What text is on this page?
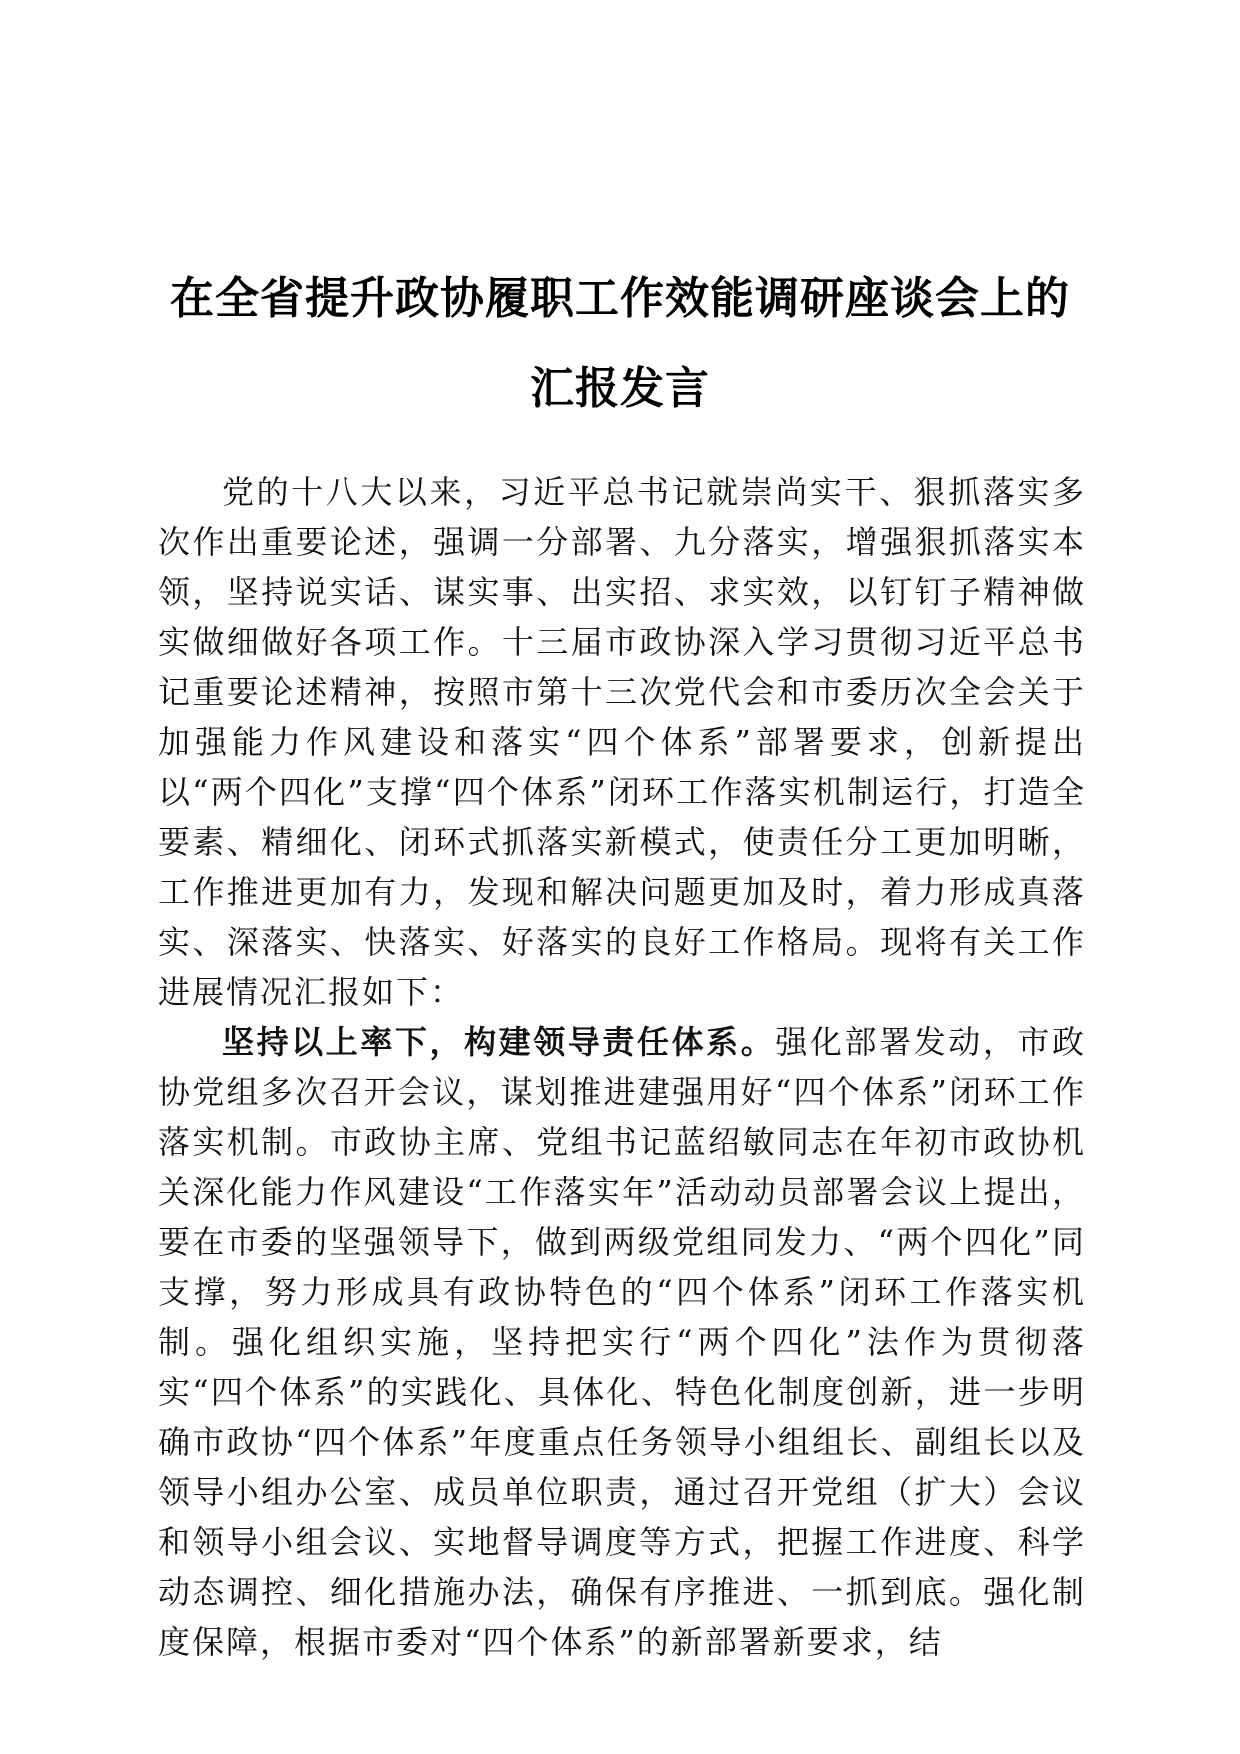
在全省提升政协履职工作效能调研座谈会上的
汇报发言

党的十八大以来，习近平总书记就崇尚实干、狠抓落实多次作出重要论述，强调一分部署、九分落实，增强狠抓落实本领，坚持说实话、谋实事、出实招、求实效，以钉钉子精神做实做细做好各项工作。十三届市政协深入学习贯彻习近平总书记重要论述精神，按照市第十三次党代会和市委历次全会关于加强能力作风建设和落实“四个体系”部署要求，创新提出以“两个四化”支撑“四个体系”闭环工作落实机制运行，打造全要素、精细化、闭环式抓落实新模式，使责任分工更加明晰，工作推进更加有力，发现和解决问题更加及时，着力形成真落实、深落实、快落实、好落实的良好工作格局。现将有关工作进展情况汇报如下：

坚持以上率下，构建领导责任体系。强化部署发动，市政协党组多次召开会议，谋划推进建强用好“四个体系”闭环工作落实机制。市政协主席、党组书记蓝绍敏同志在年初市政协机关深化能力作风建设“工作落实年”活动动员部署会议上提出，要在市委的坚强领导下，做到两级党组同发力、“两个四化”同支撑，努力形成具有政协特色的“四个体系”闭环工作落实机制。强化组织实施，坚持把实行“两个四化”法作为贯彻落实“四个体系”的实践化、具体化、特色化制度创新，进一步明确市政协“四个体系”年度重点任务领导小组组长、副组长以及领导小组办公室、成员单位职责，通过召开党组（扩大）会议和领导小组会议、实地督导调度等方式，把握工作进度、科学动态调控、细化措施办法，确保有序推进、一抓到底。强化制度保障，根据市委对“四个体系”的新部署新要求，结
